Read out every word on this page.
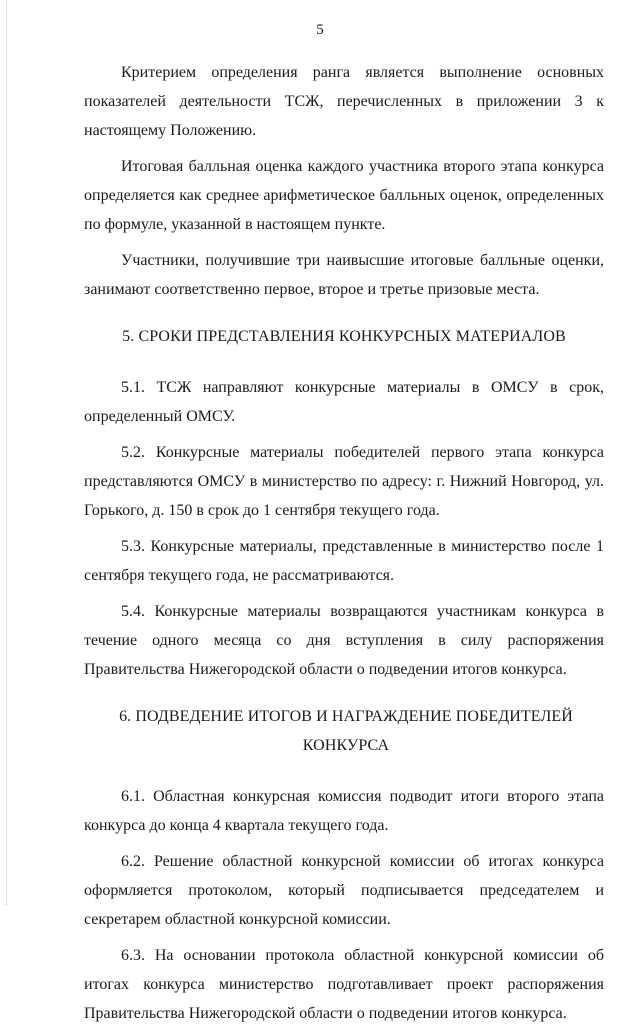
5

Критерием определения ранга является выполнение основных показателей деятельности ТСЖ, перечисленных в приложении 3 к настоящему Положению.

Итоговая балльная оценка каждого участника второго этапа конкурса определяется как среднее арифметическое балльных оценок, определенных по формуле, указанной в настоящем пункте.

Участники, получившие три наивысшие итоговые балльные оценки, занимают соответственно первое, второе и третье призовые места.

5. СРОКИ ПРЕДСТАВЛЕНИЯ КОНКУРСНЫХ МАТЕРИАЛОВ

5.1. ТСЖ направляют конкурсные материалы в ОМСУ в срок, определенный ОМСУ.

5.2. Конкурсные материалы победителей первого этапа конкурса представляются ОМСУ в министерство по адресу: г. Нижний Новгород, ул. Горького, д. 150 в срок до 1 сентября текущего года.

5.3. Конкурсные материалы, представленные в министерство после 1 сентября текущего года, не рассматриваются.

5.4. Конкурсные материалы возвращаются участникам конкурса в течение одного месяца со дня вступления в силу распоряжения Правительства Нижегородской области о подведении итогов конкурса.

6. ПОДВЕДЕНИЕ ИТОГОВ И НАГРАЖДЕНИЕ ПОБЕДИТЕЛЕЙ КОНКУРСА

6.1. Областная конкурсная комиссия подводит итоги второго этапа конкурса до конца 4 квартала текущего года.

6.2. Решение областной конкурсной комиссии об итогах конкурса оформляется протоколом, который подписывается председателем и секретарем областной конкурсной комиссии.

6.3. На основании протокола областной конкурсной комиссии об итогах конкурса министерство подготавливает проект распоряжения Правительства Нижегородской области о подведении итогов конкурса.
